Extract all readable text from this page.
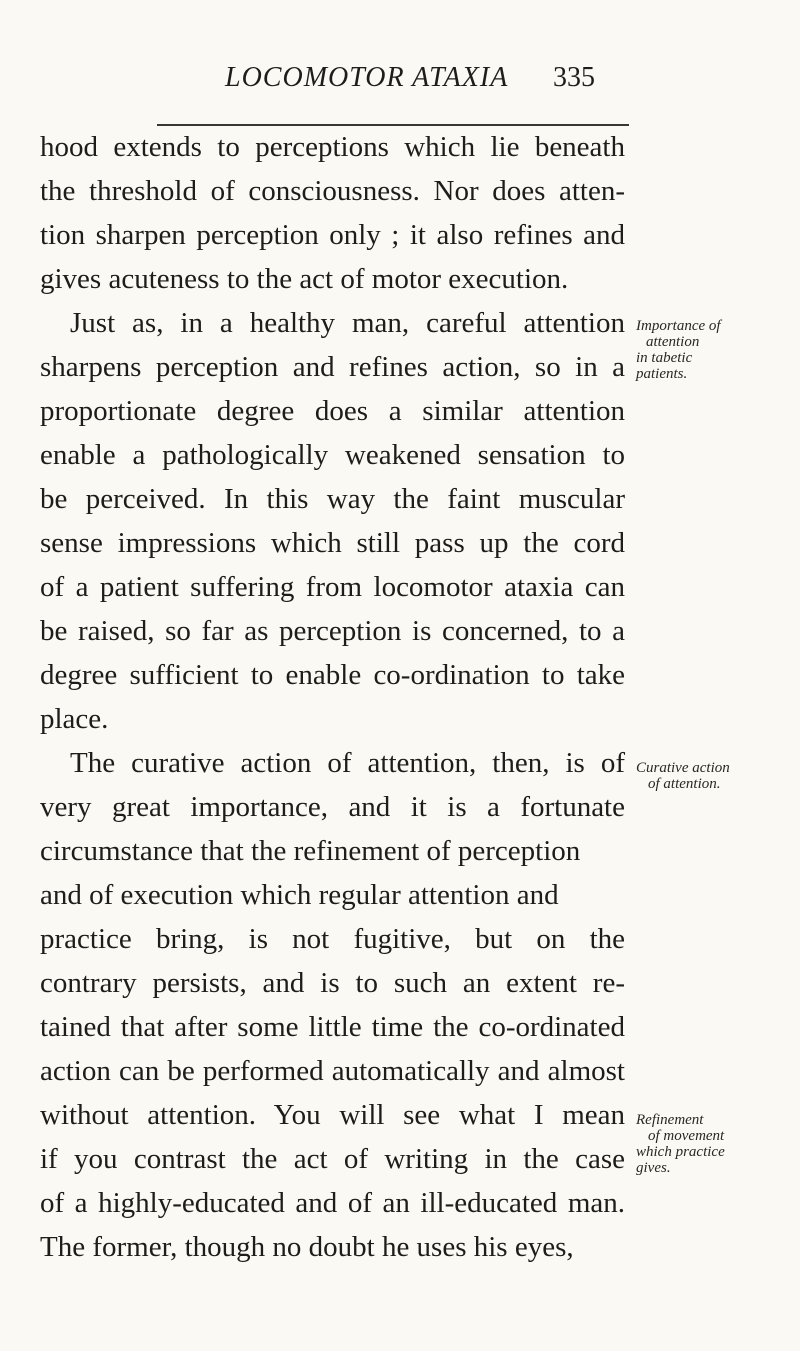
LOCOMOTOR ATAXIA 335
hood extends to perceptions which lie beneath
the threshold of consciousness. Nor does atten-
tion sharpen perception only ; it also refines and
gives acuteness to the act of motor execution.
Just as, in a healthy man, careful attention
sharpens perception and refines action, so in a
proportionate degree does a similar attention
enable a pathologically weakened sensation to
be perceived. In this way the faint muscular
sense impressions which still pass up the cord
of a patient suffering from locomotor ataxia can
be raised, so far as perception is concerned, to a
degree sufficient to enable co-ordination to take
place.
The curative action of attention, then, is of
very great importance, and it is a fortunate
circumstance that the refinement of perception
and of execution which regular attention and
practice bring, is not fugitive, but on the
contrary persists, and is to such an extent re-
tained that after some little time the co-ordinated
action can be performed automatically and almost
without attention. You will see what I mean
if you contrast the act of writing in the case
of a highly-educated and of an ill-educated man.
The former, though no doubt he uses his eyes,
Importance of
attention
in tabetic
patients.
Curative action
of attention.
Refinement
of movement
which practice
gives.
